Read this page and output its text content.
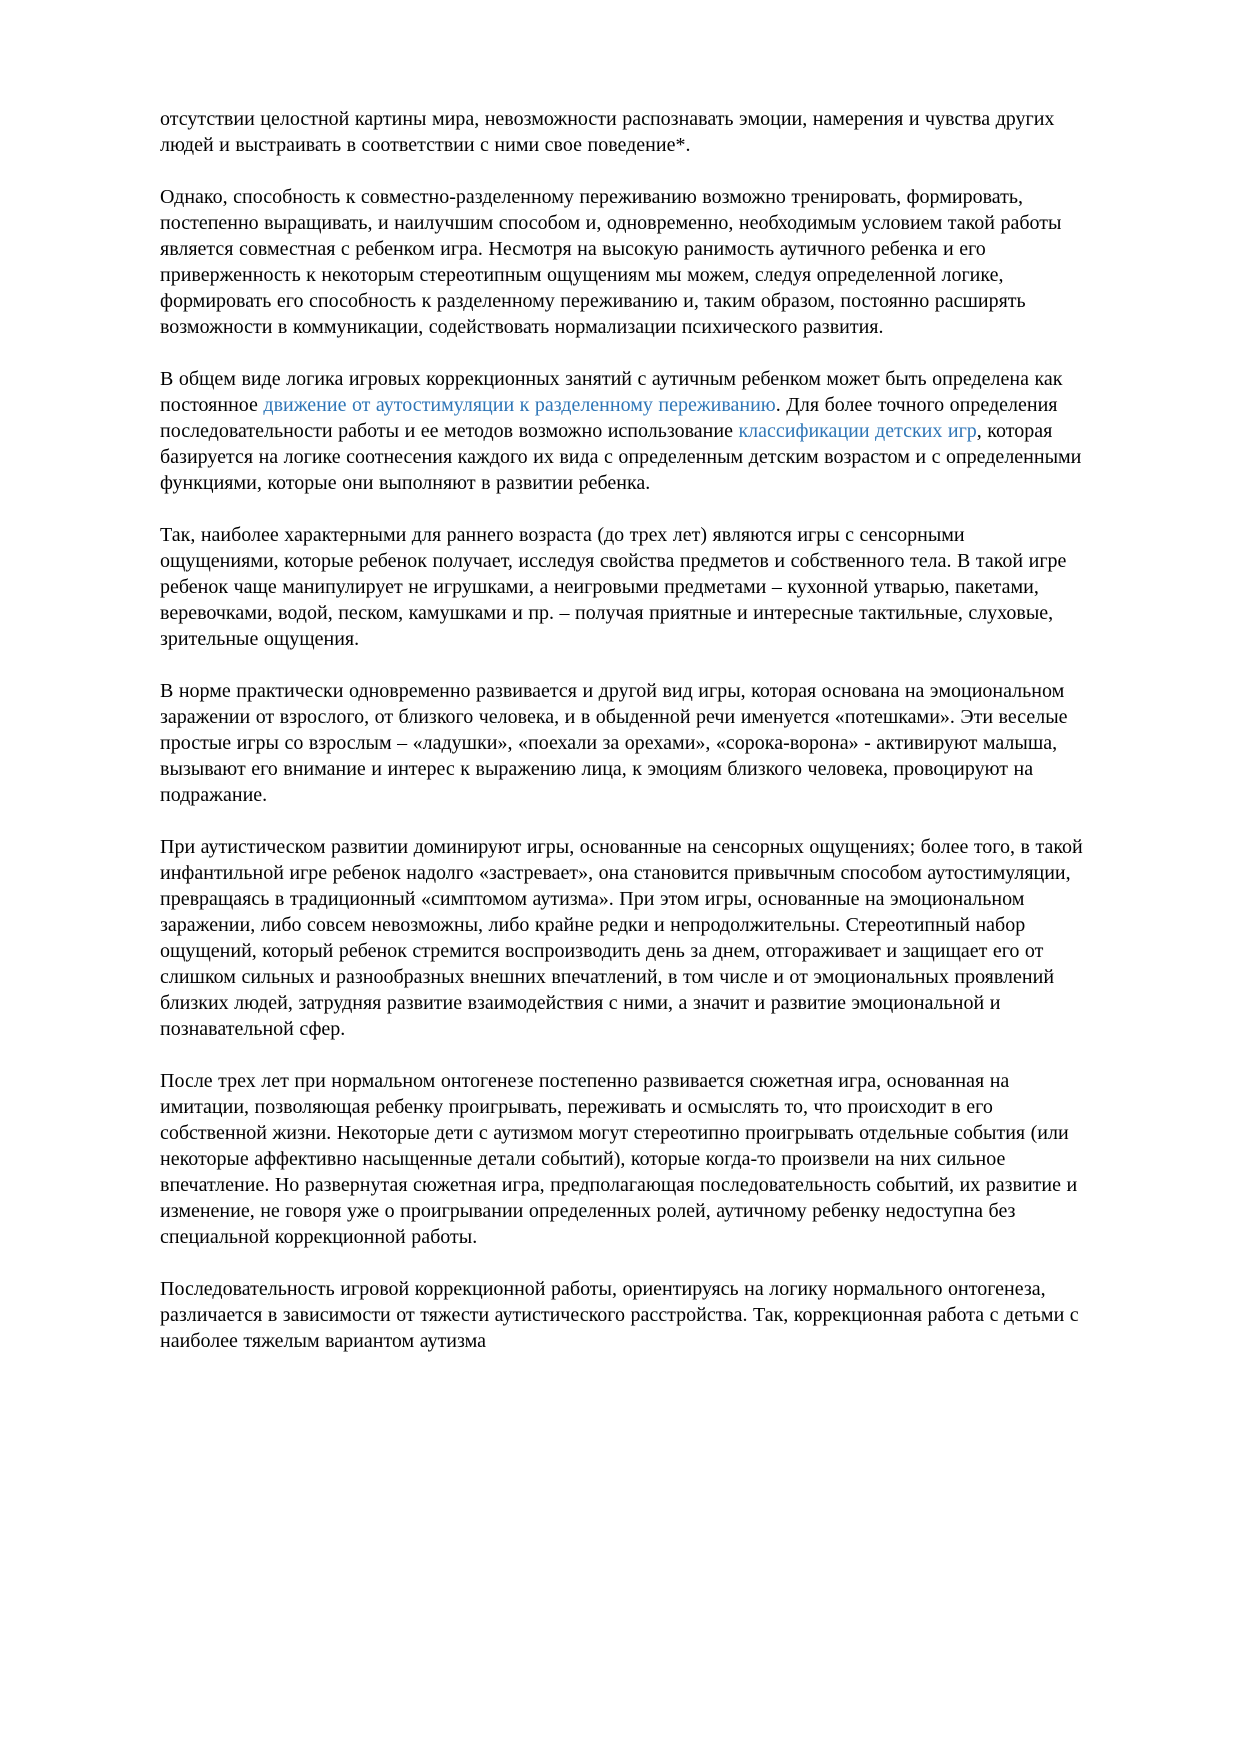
отсутствии целостной картины мира, невозможности распознавать эмоции, намерения и чувства других людей и выстраивать в соответствии с ними свое поведение*.

Однако, способность к совместно-разделенному переживанию возможно тренировать, формировать, постепенно выращивать, и наилучшим способом и, одновременно, необходимым условием такой работы является совместная с ребенком игра. Несмотря на высокую ранимость аутичного ребенка и его приверженность к некоторым стереотипным ощущениям мы можем, следуя определенной логике, формировать его способность к разделенному переживанию и, таким образом, постоянно расширять возможности в коммуникации, содействовать нормализации психического развития.

В общем виде логика игровых коррекционных занятий с аутичным ребенком может быть определена как постоянное движение от аутостимуляции к разделенному переживанию. Для более точного определения последовательности работы и ее методов возможно использование классификации детских игр, которая базируется на логике соотнесения каждого их вида с определенным детским возрастом и с определенными функциями, которые они выполняют в развитии ребенка.

Так, наиболее характерными для раннего возраста (до трех лет) являются игры с сенсорными ощущениями, которые ребенок получает, исследуя свойства предметов и собственного тела. В такой игре ребенок чаще манипулирует не игрушками, а неигровыми предметами – кухонной утварью, пакетами, веревочками, водой, песком, камушками и пр. – получая приятные и интересные тактильные, слуховые, зрительные ощущения.

В норме практически одновременно развивается и другой вид игры, которая основана на эмоциональном заражении от взрослого, от близкого человека, и в обыденной речи именуется «потешками». Эти веселые простые игры со взрослым – «ладушки», «поехали за орехами», «сорока-ворона» - активируют малыша, вызывают его внимание и интерес к выражению лица, к эмоциям близкого человека, провоцируют на подражание.

При аутистическом развитии доминируют игры, основанные на сенсорных ощущениях; более того, в такой инфантильной игре ребенок надолго «застревает», она становится привычным способом аутостимуляции, превращаясь в традиционный «симптомом аутизма». При этом игры, основанные на эмоциональном заражении, либо совсем невозможны, либо крайне редки и непродолжительны. Стереотипный набор ощущений, который ребенок стремится воспроизводить день за днем, отгораживает и защищает его от слишком сильных и разнообразных внешних впечатлений, в том числе и от эмоциональных проявлений близких людей, затрудняя развитие взаимодействия с ними, а значит и развитие эмоциональной и познавательной сфер.

После трех лет при нормальном онтогенезе постепенно развивается сюжетная игра, основанная на имитации, позволяющая ребенку проигрывать, переживать и осмыслять то, что происходит в его собственной жизни. Некоторые дети с аутизмом могут стереотипно проигрывать отдельные события (или некоторые аффективно насыщенные детали событий), которые когда-то произвели на них сильное впечатление. Но развернутая сюжетная игра, предполагающая последовательность событий, их развитие и изменение, не говоря уже о проигрывании определенных ролей, аутичному ребенку недоступна без специальной коррекционной работы.

Последовательность игровой коррекционной работы, ориентируясь на логику нормального онтогенеза, различается в зависимости от тяжести аутистического расстройства. Так, коррекционная работа с детьми с наиболее тяжелым вариантом аутизма
